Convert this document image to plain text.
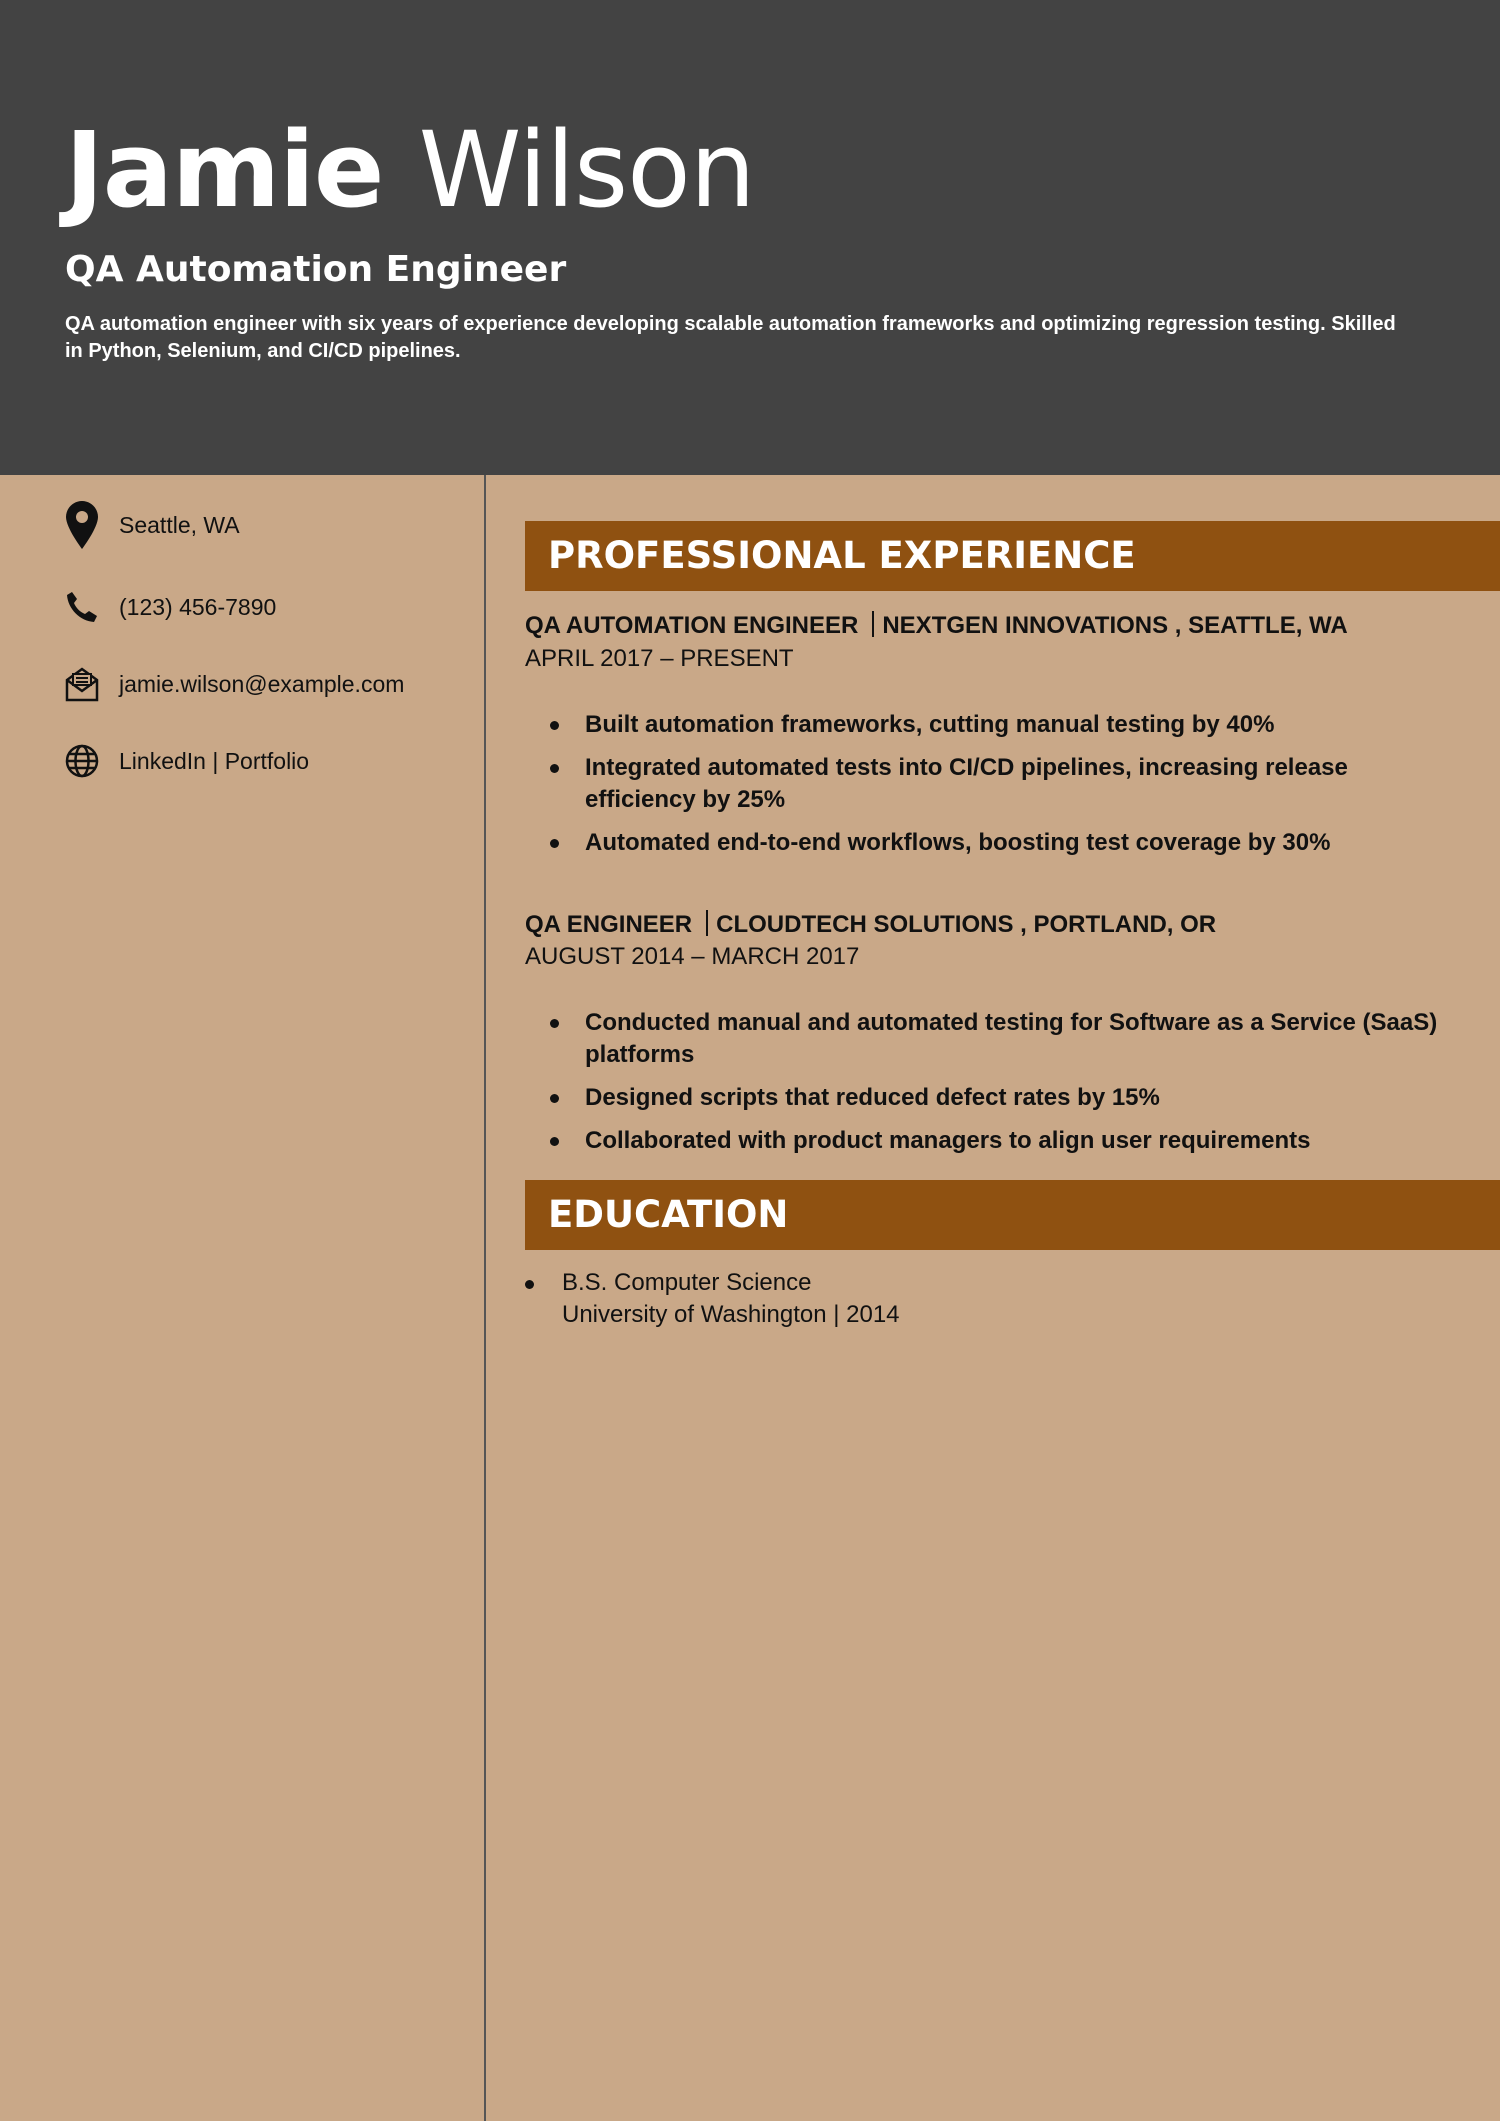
Jamie Wilson
QA Automation Engineer

QA automation engineer with six years of experience developing scalable automation frameworks and optimizing regression testing. Skilled in Python, Selenium, and CI/CD pipelines.

Seattle, WA
(123) 456-7890
jamie.wilson@example.com
LinkedIn | Portfolio
PROFESSIONAL EXPERIENCE
QA AUTOMATION ENGINEER NEXTGEN INNOVATIONS , SEATTLE, WA
APRIL 2017 – PRESENT
Built automation frameworks, cutting manual testing by 40%
Integrated automated tests into CI/CD pipelines, increasing release efficiency by 25%
Automated end-to-end workflows, boosting test coverage by 30%
QA ENGINEER CLOUDTECH SOLUTIONS , PORTLAND, OR
AUGUST 2014 – MARCH 2017
Conducted manual and automated testing for Software as a Service (SaaS) platforms
Designed scripts that reduced defect rates by 15%
Collaborated with product managers to align user requirements
EDUCATION
B.S. Computer Science
University of Washington | 2014
